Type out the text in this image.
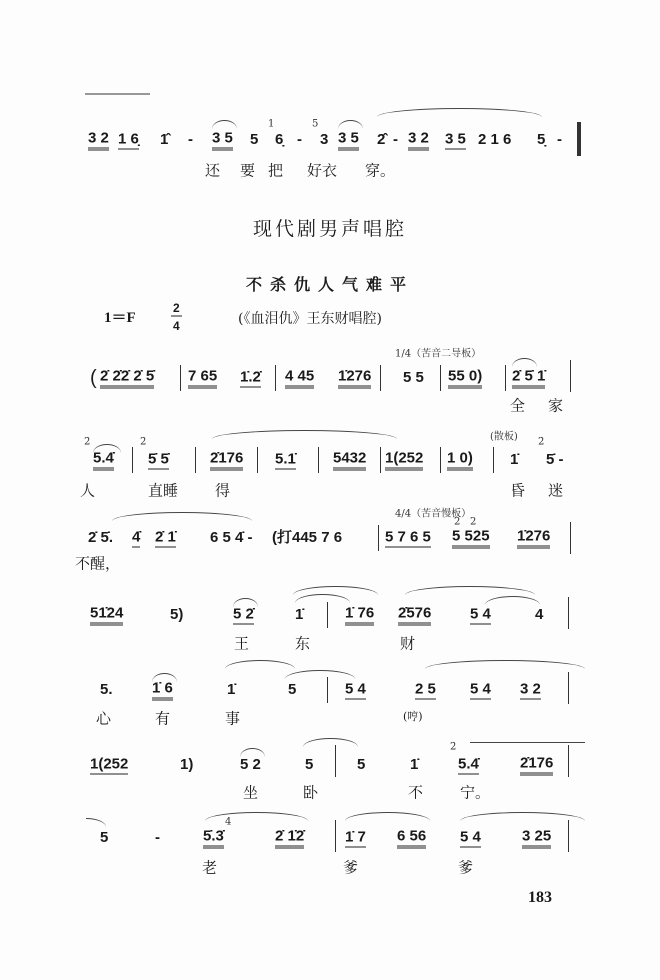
3 2 1 6̣ 1̂ - 3 5 5
1
6̣ -
5
3 3 5 2̂ - 3 2 3 5 2 1 6 5̣ -
还 要 把 好衣 穿。
现代剧男声唱腔
不杀仇人气难平
1＝F
2
4	(《血泪仇》王东财唱腔)
1/4（苦音二导板）
( 2̇ 2̇2̇ 2̇ 5̇ 7 65 1̇.2̇ 4 45 1̇276 5 5 55 0) 2̇ 5̇ 1̇
全 家
(散板)
2̇
5.4̇
2̇
5̇ 5̇	2̇176 5.1̇ 5432 1(252 1 0) 1̇
2̇
5̇ -
人	直睡 得	昏 迷
4/4（苦音慢板）
2̇ 5̇. 4̇ 2̇ 1̇ 6 5 4̇ - (打445 7 6	5 7 6 5
2 2
5 525 1̇276
不醒，
51̇24	5)	5 2̇	1̇	1̇ 76 2̇576	5 4	4
王	东	财
5.	1̇ 6	1̇	5	5 4	2 5 5 4 3 2
心	有	事	(哼)
1(252	1)	5 2	5	5	1̇
2̇
5.4̇	2̇176
坐	卧	不 宁。
5	-
4
5̇.3̇	2̇ 1̇2̇	1̇ 7 6 56 5 4	3 25
老	爹	爹
183
